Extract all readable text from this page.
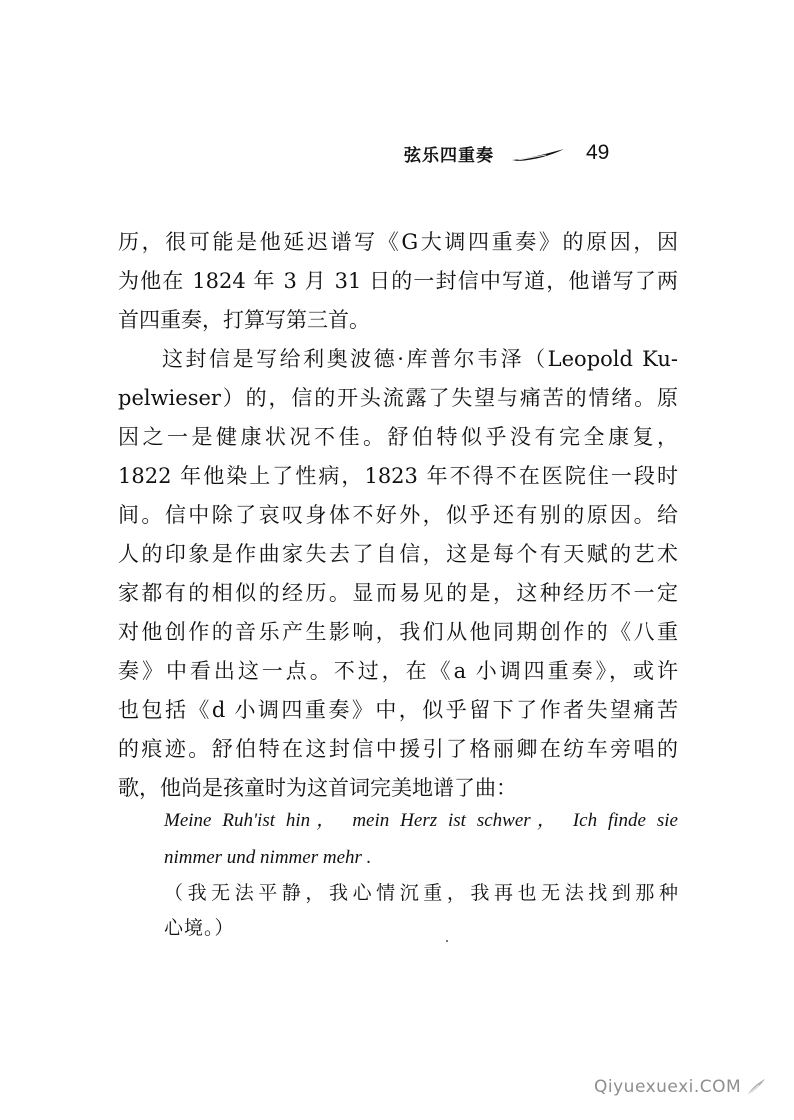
弦乐四重奏	49
历，很可能是他延迟谱写《G大调四重奏》的原因，因
为他在 1824 年 3 月 31 日的一封信中写道，他谱写了两
首四重奏，打算写第三首。
这封信是写给利奥波德·库普尔韦泽（Leopold Ku-
pelwieser）的，信的开头流露了失望与痛苦的情绪。原
因之一是健康状况不佳。舒伯特似乎没有完全康复，
1822 年他染上了性病，1823 年不得不在医院住一段时
间。信中除了哀叹身体不好外，似乎还有别的原因。给
人的印象是作曲家失去了自信，这是每个有天赋的艺术
家都有的相似的经历。显而易见的是，这种经历不一定
对他创作的音乐产生影响，我们从他同期创作的《八重
奏》中看出这一点。不过，在《a 小调四重奏》，或许
也包括《d 小调四重奏》中，似乎留下了作者失望痛苦
的痕迹。舒伯特在这封信中援引了格丽卿在纺车旁唱的
歌，他尚是孩童时为这首词完美地谱了曲：
Meine Ruh'ist hin， mein Herz ist schwer， Ich finde sie
nimmer und nimmer mehr .
（我无法平静，我心情沉重，我再也无法找到那种
心境。）
Qiyuexuexi.COM
